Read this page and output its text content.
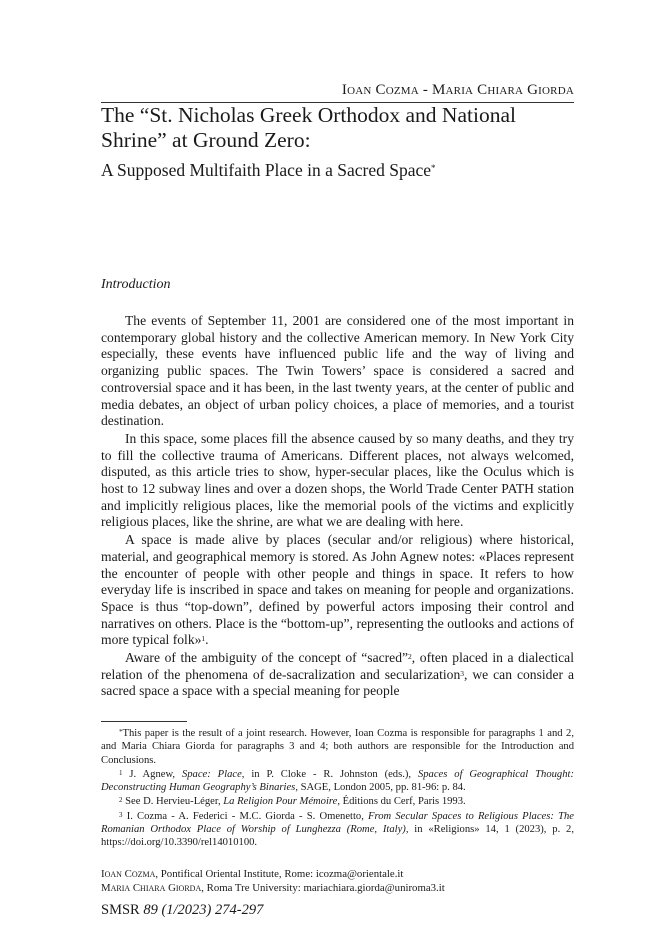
Ioan Cozma - Maria Chiara Giorda
The “St. Nicholas Greek Orthodox and National Shrine” at Ground Zero:
A Supposed Multifaith Place in a Sacred Space*
Introduction

The events of September 11, 2001 are considered one of the most important in contemporary global history and the collective American memory. In New York City especially, these events have influenced public life and the way of living and organizing public spaces. The Twin Towers’ space is considered a sacred and controversial space and it has been, in the last twenty years, at the center of public and media debates, an object of urban policy choices, a place of memories, and a tourist destination.

In this space, some places fill the absence caused by so many deaths, and they try to fill the collective trauma of Americans. Different places, not always welcomed, disputed, as this article tries to show, hyper-secular places, like the Oculus which is host to 12 subway lines and over a dozen shops, the World Trade Center PATH station and implicitly religious places, like the memorial pools of the victims and explicitly religious places, like the shrine, are what we are dealing with here.

A space is made alive by places (secular and/or religious) where historical, material, and geographical memory is stored. As John Agnew notes: «Places represent the encounter of people with other people and things in space. It refers to how everyday life is inscribed in space and takes on meaning for people and organizations. Space is thus “top-down”, defined by powerful actors imposing their control and narratives on others. Place is the “bottom-up”, representing the outlooks and actions of more typical folk»$^1$.

Aware of the ambiguity of the concept of “sacred”$^2$, often placed in a dialectical relation of the phenomena of de-sacralization and secularization$^3$, we can consider a sacred space a space with a special meaning for people

*This paper is the result of a joint research. However, Ioan Cozma is responsible for paragraphs 1 and 2, and Maria Chiara Giorda for paragraphs 3 and 4; both authors are responsible for the Introduction and Conclusions.

$^1$ J. Agnew, Space: Place, in P. Cloke - R. Johnston (eds.), Spaces of Geographical Thought: Deconstructing Human Geography’s Binaries, SAGE, London 2005, pp. 81-96: p. 84.

$^2$ See D. Hervieu-Léger, La Religion Pour Mémoire, Éditions du Cerf, Paris 1993.

$^3$ I. Cozma - A. Federici - M.C. Giorda - S. Omenetto, From Secular Spaces to Religious Places: The Romanian Orthodox Place of Worship of Lunghezza (Rome, Italy), in «Religions» 14, 1 (2023), p. 2, https://doi.org/10.3390/rel14010100.

Ioan Cozma, Pontifical Oriental Institute, Rome: icozma@orientale.it
Maria Chiara Giorda, Roma Tre University: mariachiara.giorda@uniroma3.it
SMSR 89 (1/2023) 274-297
